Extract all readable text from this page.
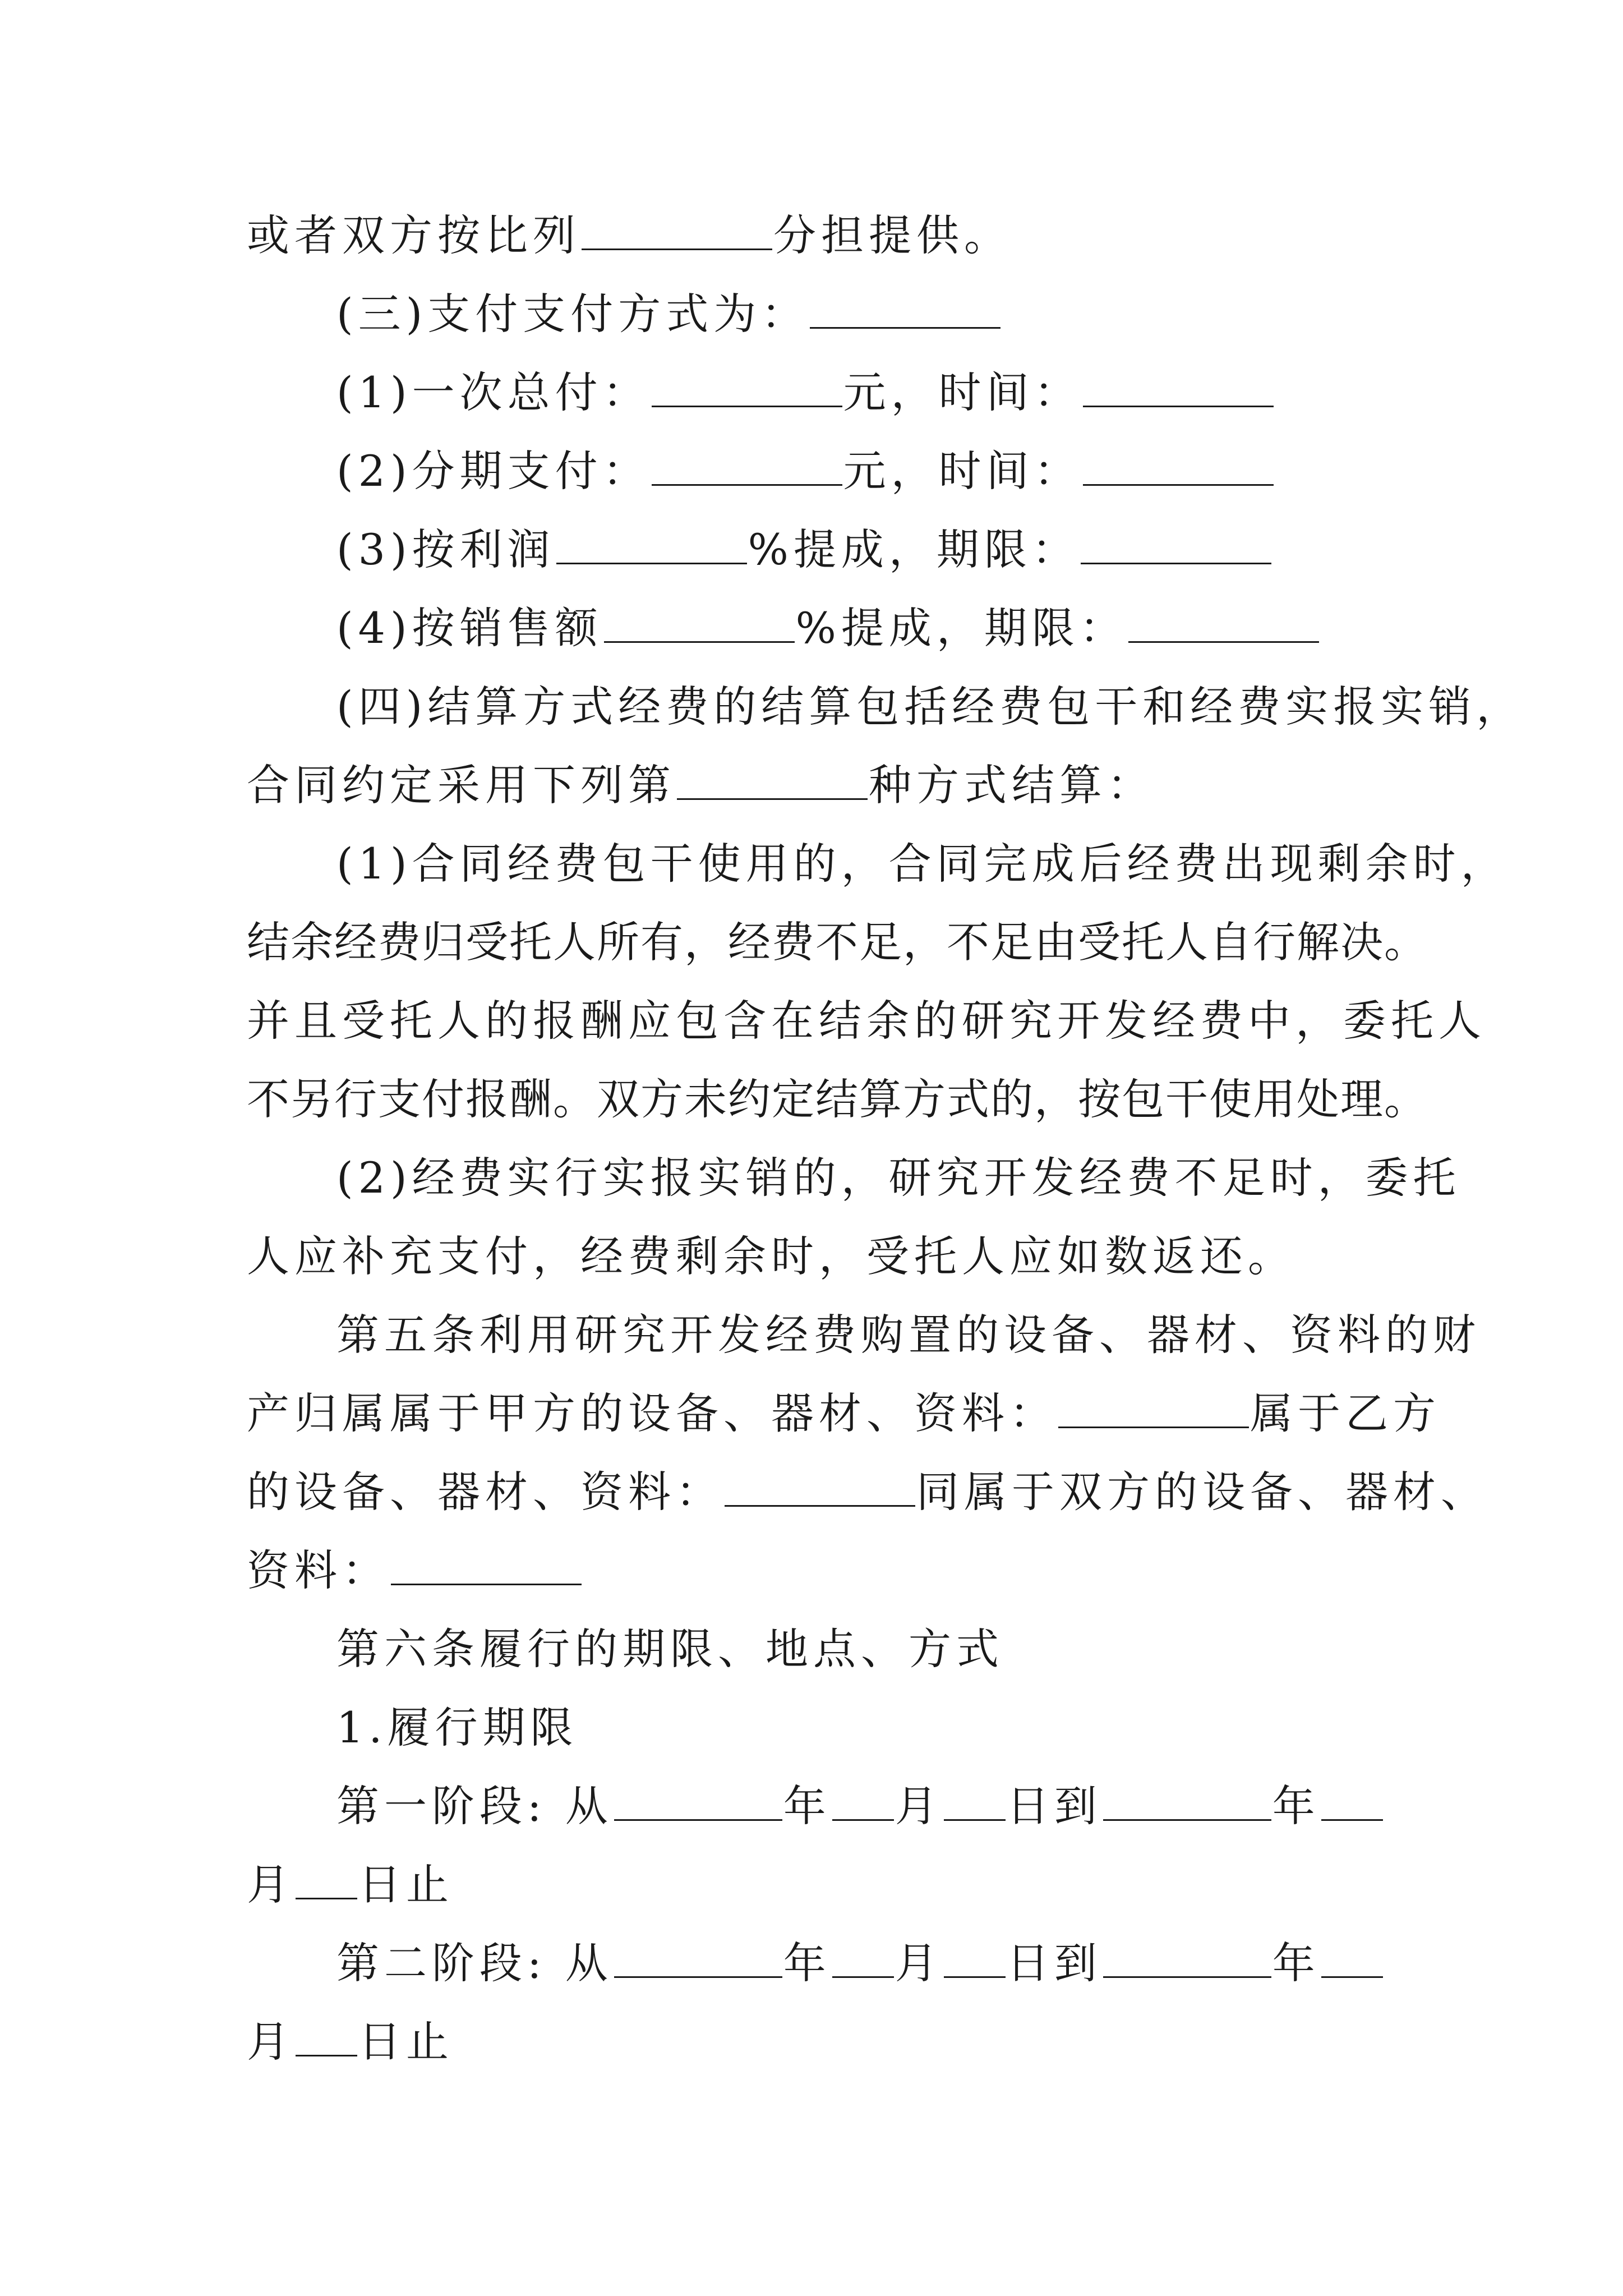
或者双方按比列	分担提供。
(三)支付支付方式为：
(1)一次总付：	元，时间：
(2)分期支付：	元，时间：
(3)按利润	%提成，期限：
(4)按销售额	%提成，期限：
(四)结算方式经费的结算包括经费包干和经费实报实销，
合同约定采用下列第	种方式结算：
(1)合同经费包干使用的，合同完成后经费出现剩余时，
结余经费归受托人所有，经费不足，不足由受托人自行解决。
并且受托人的报酬应包含在结余的研究开发经费中，委托人
不另行支付报酬。双方未约定结算方式的，按包干使用处理。
(2)经费实行实报实销的，研究开发经费不足时，委托
人应补充支付，经费剩余时，受托人应如数返还。
第五条利用研究开发经费购置的设备、器材、资料的财
产归属属于甲方的设备、器材、资料：	属于乙方
的设备、器材、资料：	同属于双方的设备、器材、
资料：
第六条履行的期限、地点、方式
1.履行期限
第一阶段: 从	年 月 日到	年
月 日止
第二阶段: 从	年 月 日到	年
月 日止
